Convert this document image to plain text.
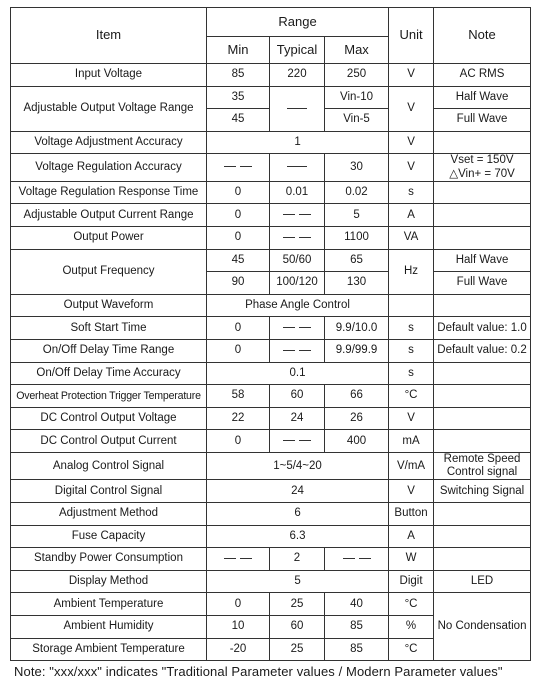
Item	Range			Unit	Note
	Min	Typical	Max		
Input Voltage	85	220	250	V	AC RMS
Adjustable Output Voltage Range	35		Vin-10	V	Half Wave
	45		Vin-5		Full Wave
Voltage Adjustment Accuracy	1			V	
Voltage Regulation Accuracy			30	V	Vset = 150V
△Vin+ = 70V
Voltage Regulation Response Time	0	0.01	0.02	s	
Adjustable Output Current Range	0		5	A	
Output Power	0		1100	VA	
Output Frequency	45	50/60	65	Hz	Half Wave
	90	100/120	130		Full Wave
Output Waveform	Phase Angle Control				
Soft Start Time	0		9.9/10.0	s	Default value: 1.0
On/Off Delay Time Range	0		9.9/99.9	s	Default value: 0.2
On/Off Delay Time Accuracy	0.1			s	
Overheat Protection Trigger Temperature	58	60	66	°C	
DC Control Output Voltage	22	24	26	V	
DC Control Output Current	0		400	mA	
Analog Control Signal	1~5/4~20			V/mA	Remote Speed
Control signal
Digital Control Signal	24			V	Switching Signal
Adjustment Method	6			Button	
Fuse Capacity	6.3			A	
Standby Power Consumption		2		W	
Display Method	5			Digit	LED
Ambient Temperature	0	25	40	°C	No Condensation
Ambient Humidity	10	60	85	%	
Storage Ambient Temperature	-20	25	85	°C	
Note: "xxx/xxx" indicates "Traditional Parameter values / Modern Parameter values"
